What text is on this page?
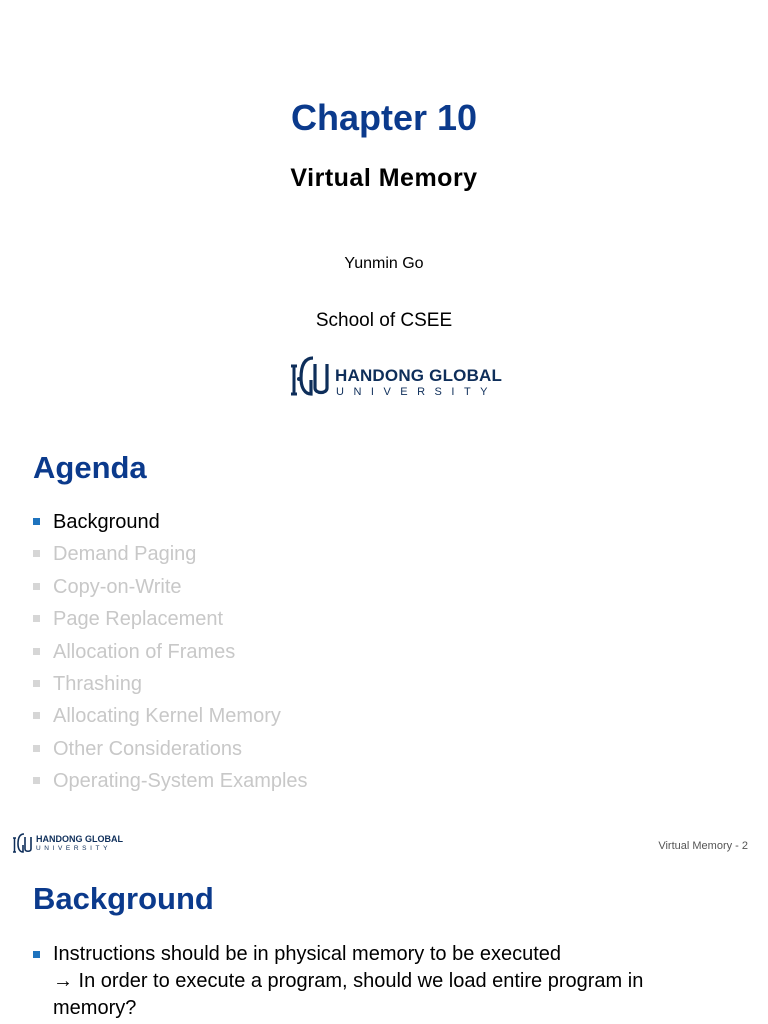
Chapter 10
Virtual Memory
Yunmin Go
School of CSEE
HANDONG GLOBAL
UNIVERSITY
Agenda
Background
Demand Paging
Copy-on-Write
Page Replacement
Allocation of Frames
Thrashing
Allocating Kernel Memory
Other Considerations
Operating-System Examples
HANDONG GLOBAL
UNIVERSITY	Virtual Memory - 2
Background
Instructions should be in physical memory to be executed
→ In order to execute a program, should we load entire program in
memory?
